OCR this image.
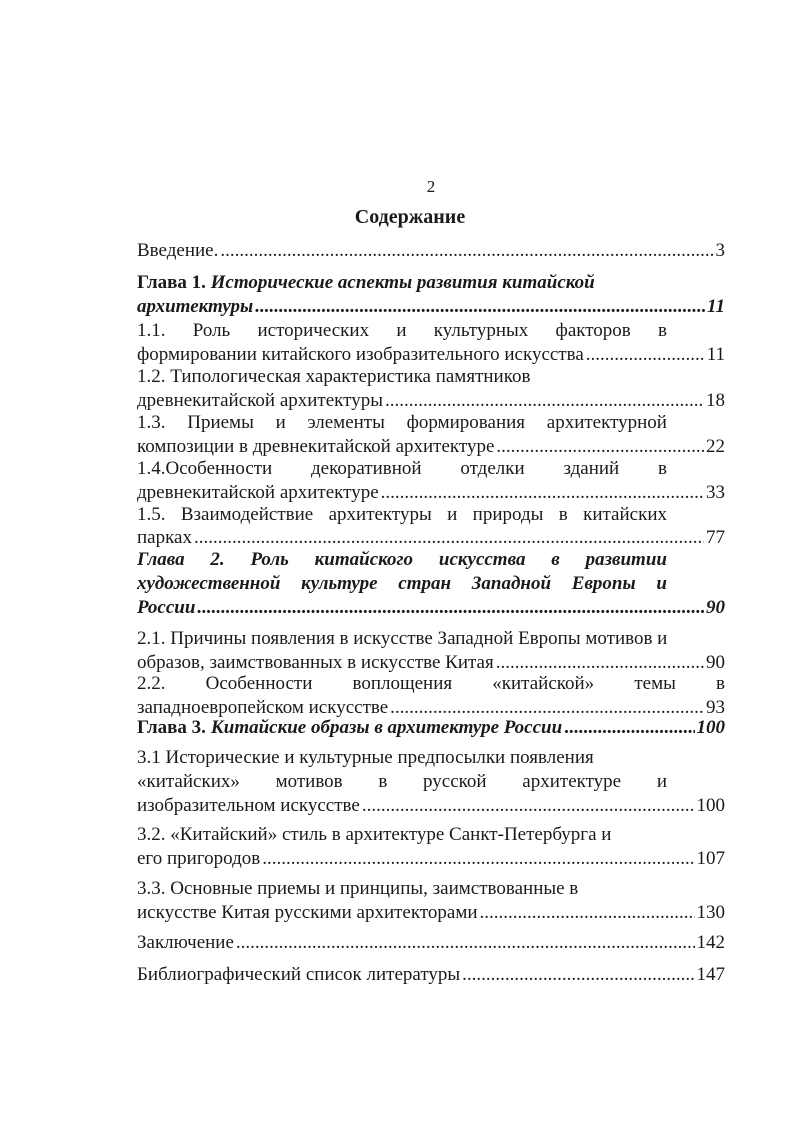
2
Содержание
Введение. .....	3
Глава 1. Исторические аспекты развития китайской
архитектуры .....	11
1.1. Роль исторических и культурных факторов в
формировании китайского изобразительного искусства .....	11
1.2. Типологическая характеристика памятников
древнекитайской архитектуры .....	18
1.3. Приемы и элементы формирования архитектурной
композиции в древнекитайской архитектуре .....	22
1.4.Особенности декоративной отделки зданий в
древнекитайской архитектуре .....	33
1.5. Взаимодействие архитектуры и природы в китайских
парках .....	77
Глава 2. Роль китайского искусства в развитии
художественной культуре стран Западной Европы и
России .....	90
2.1. Причины появления в искусстве Западной Европы мотивов и
образов, заимствованных в искусстве Китая .....	90
2.2. Особенности воплощения «китайской» темы в
западноевропейском искусстве .....	93
Глава 3. Китайские образы в архитектуре России .....	100
3.1 Исторические и культурные предпосылки появления
«китайских» мотивов в русской архитектуре и
изобразительном искусстве .....	100
3.2. «Китайский» стиль в архитектуре Санкт-Петербурга и
его пригородов .....	107
3.3. Основные приемы и принципы, заимствованные в
искусстве Китая русскими архитекторами .....	130
Заключение .....	142
Библиографический список литературы .....	147
